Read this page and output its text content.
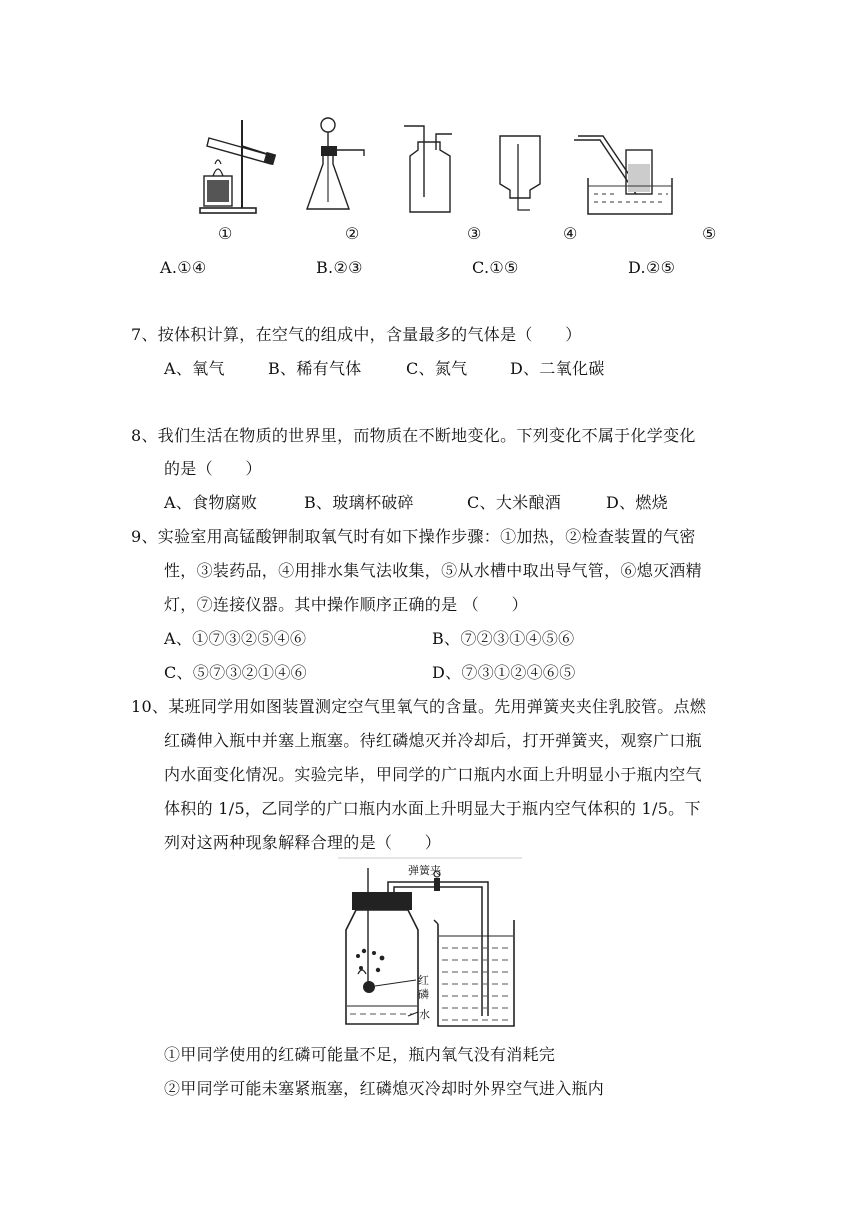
①	②	③	④	⑤
A.①④	B.②③	C.①⑤	D.②⑤
7、按体积计算，在空气的组成中，含量最多的气体是（　　）
A、氧气	B、稀有气体	C、氮气	D、二氧化碳
8、我们生活在物质的世界里，而物质在不断地变化。下列变化不属于化学变化
的是（　　）
A、食物腐败	B、玻璃杯破碎	C、大米酿酒	D、燃烧
9、实验室用高锰酸钾制取氧气时有如下操作步骤：①加热，②检查装置的气密
性，③装药品，④用排水集气法收集，⑤从水槽中取出导气管，⑥熄灭酒精
灯，⑦连接仪器。其中操作顺序正确的是 （　　）
A、①⑦③②⑤④⑥	B、⑦②③①④⑤⑥
C、⑤⑦③②①④⑥	D、⑦③①②④⑥⑤
10、某班同学用如图装置测定空气里氧气的含量。先用弹簧夹夹住乳胶管。点燃
红磷伸入瓶中并塞上瓶塞。待红磷熄灭并冷却后，打开弹簧夹，观察广口瓶
内水面变化情况。实验完毕，甲同学的广口瓶内水面上升明显小于瓶内空气
体积的 1/5，乙同学的广口瓶内水面上升明显大于瓶内空气体积的 1/5。下
列对这两种现象解释合理的是（　　）
弹簧夹
红
磷
水
①甲同学使用的红磷可能量不足，瓶内氧气没有消耗完
②甲同学可能未塞紧瓶塞，红磷熄灭冷却时外界空气进入瓶内
